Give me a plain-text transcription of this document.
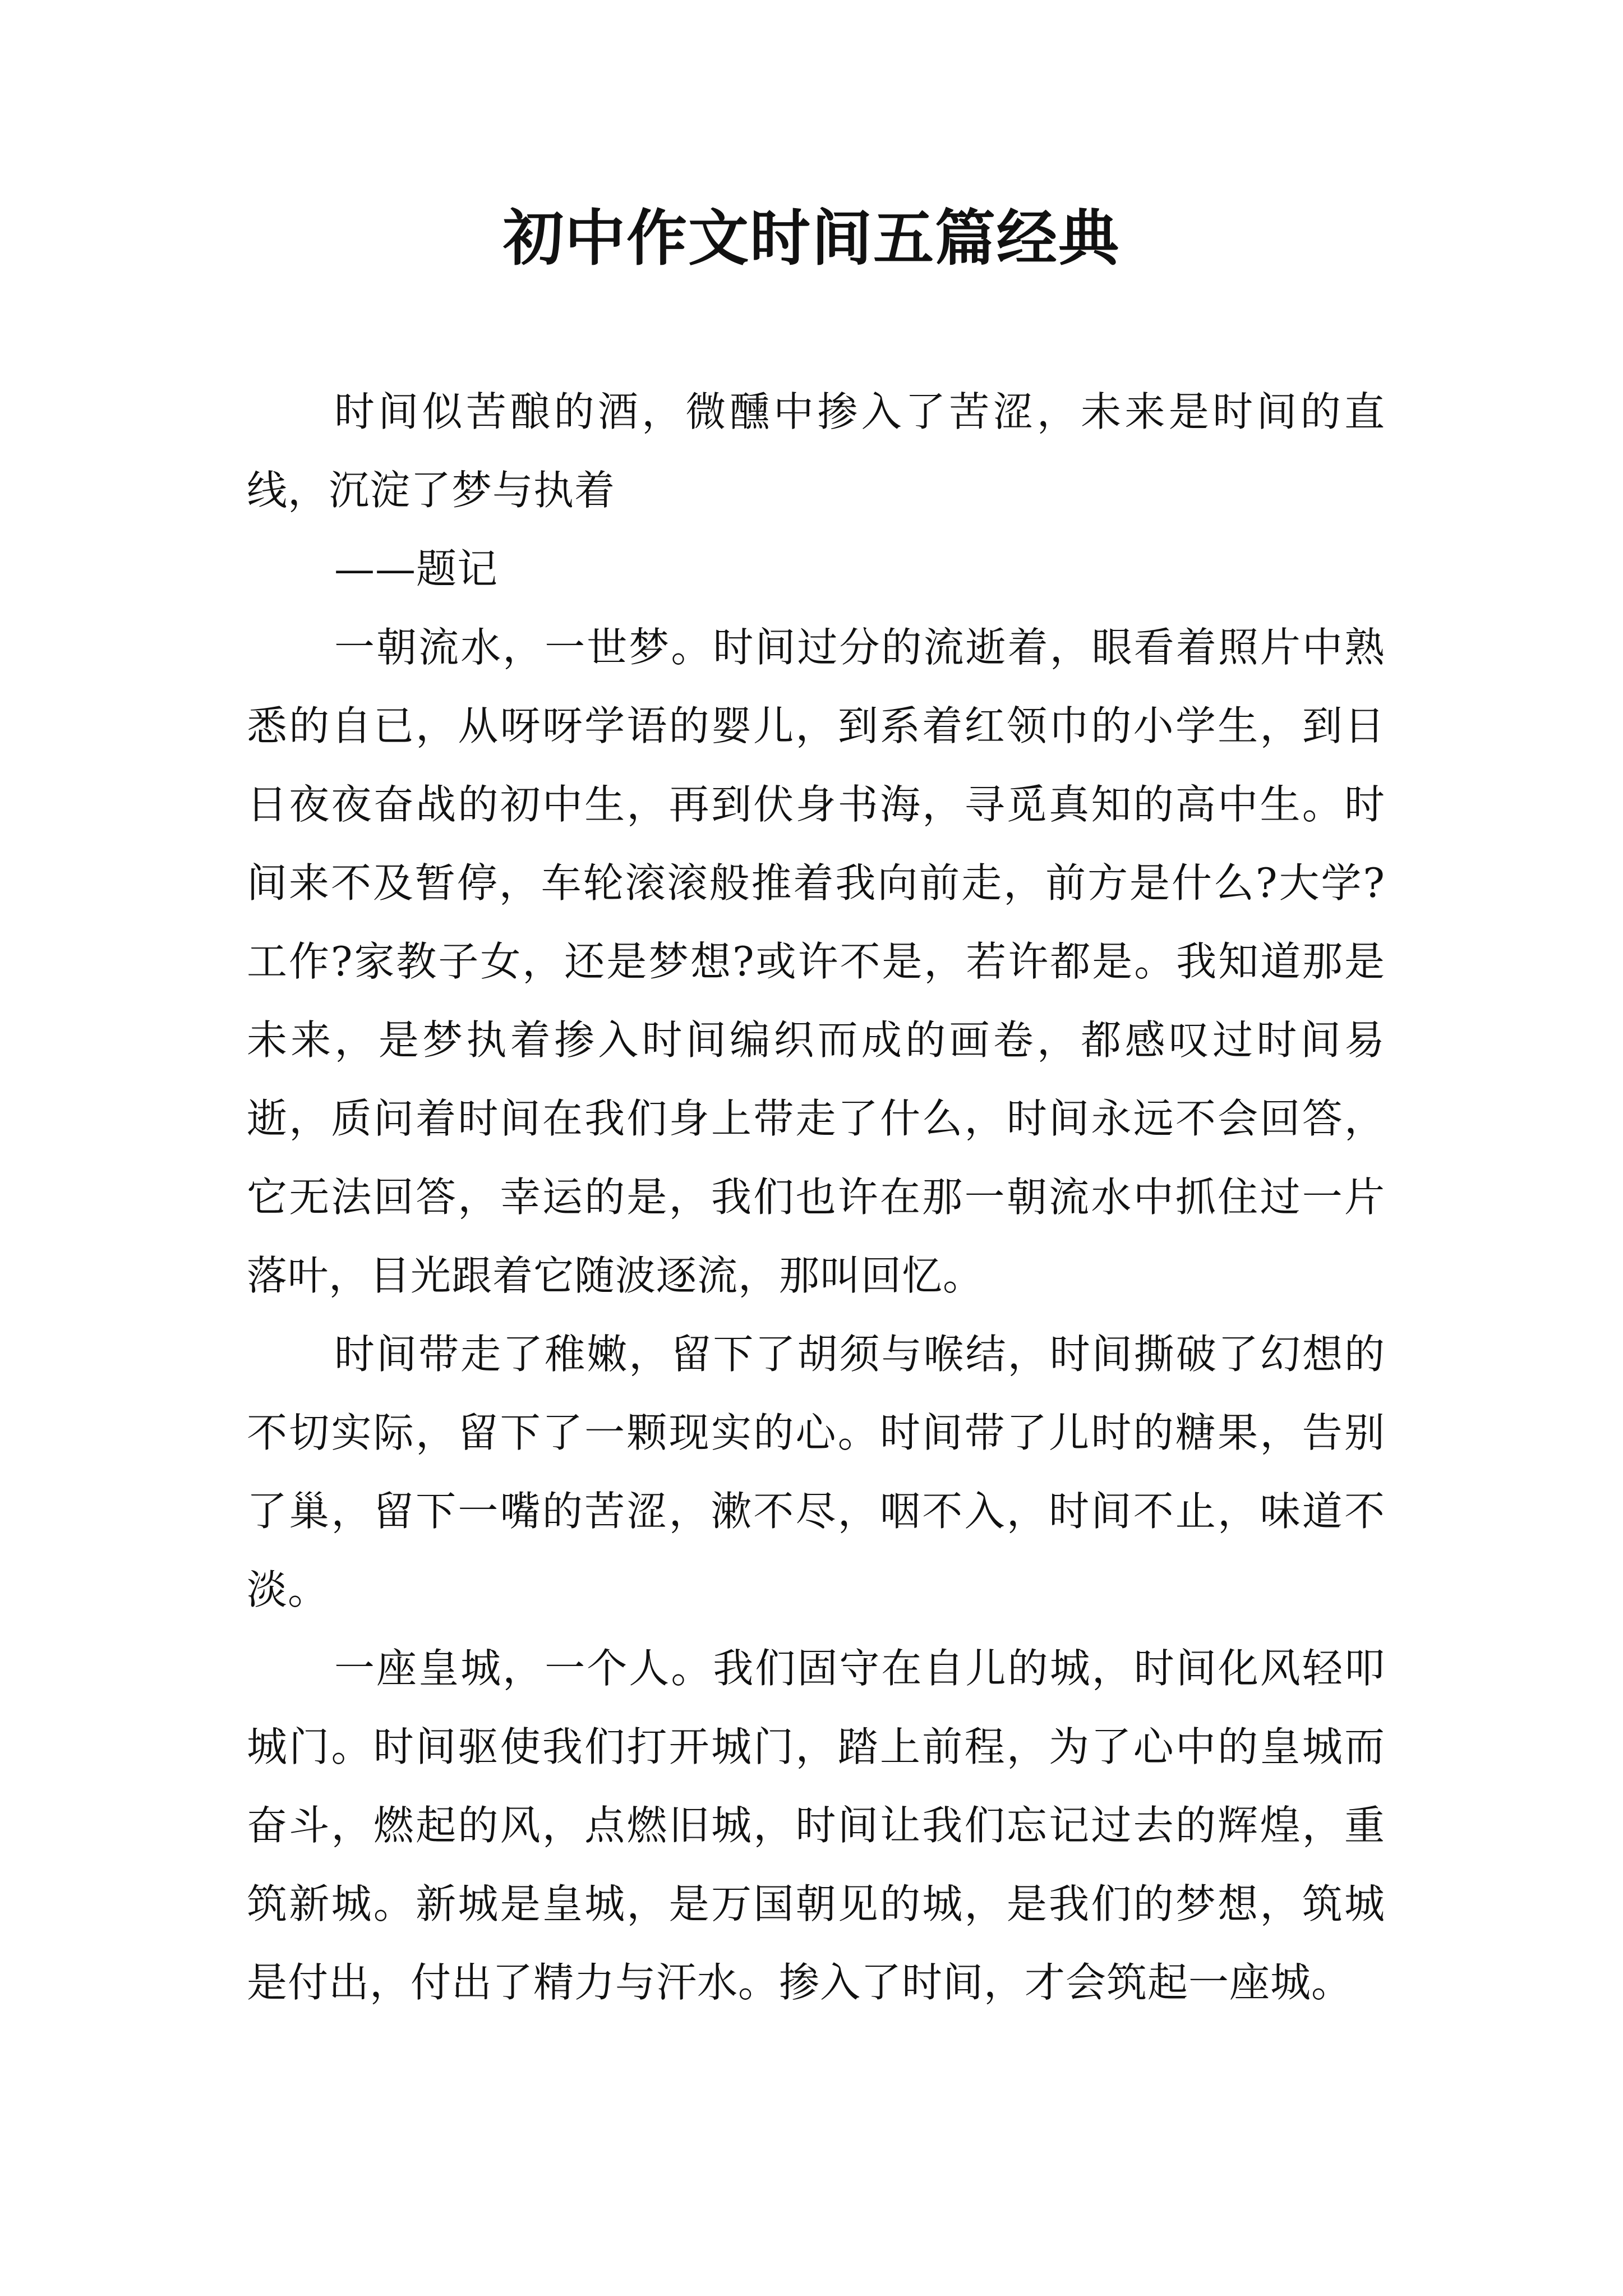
初中作文时间五篇经典

时间似苦酿的酒，微醺中掺入了苦涩，未来是时间的直线，沉淀了梦与执着

——题记

一朝流水，一世梦。时间过分的流逝着，眼看着照片中熟悉的自已，从呀呀学语的婴儿，到系着红领巾的小学生，到日日夜夜奋战的初中生，再到伏身书海，寻觅真知的高中生。时间来不及暂停，车轮滚滚般推着我向前走，前方是什么?大学?工作?家教子女，还是梦想?或许不是，若许都是。我知道那是未来，是梦执着掺入时间编织而成的画卷，都感叹过时间易逝，质问着时间在我们身上带走了什么，时间永远不会回答，它无法回答，幸运的是，我们也许在那一朝流水中抓住过一片落叶，目光跟着它随波逐流，那叫回忆。

时间带走了稚嫩，留下了胡须与喉结，时间撕破了幻想的不切实际，留下了一颗现实的心。时间带了儿时的糖果，告别了巢，留下一嘴的苦涩，漱不尽，咽不入，时间不止，味道不淡。

一座皇城，一个人。我们固守在自儿的城，时间化风轻叩城门。时间驱使我们打开城门，踏上前程，为了心中的皇城而奋斗，燃起的风，点燃旧城，时间让我们忘记过去的辉煌，重筑新城。新城是皇城，是万国朝见的城，是我们的梦想，筑城是付出，付出了精力与汗水。掺入了时间，才会筑起一座城。
